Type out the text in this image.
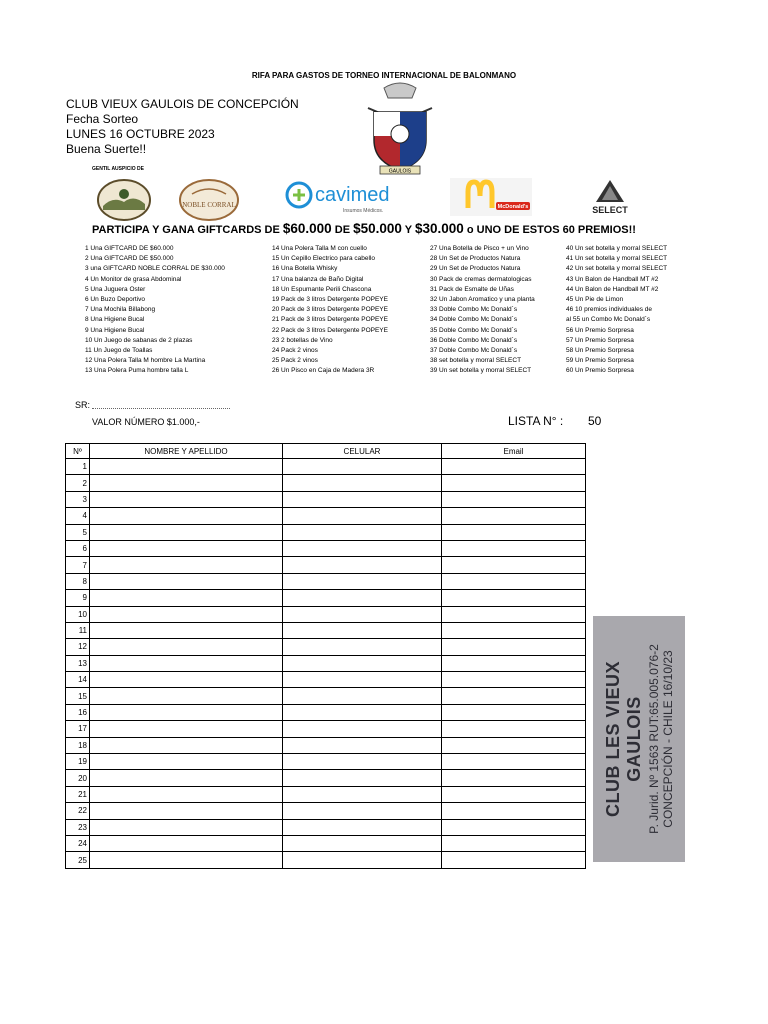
RIFA PARA GASTOS DE TORNEO INTERNACIONAL DE BALONMANO
CLUB VIEUX GAULOIS DE CONCEPCIÓN
Fecha Sorteo
LUNES 16 OCTUBRE 2023
Buena Suerte!!
GAULOIS
GENTIL AUSPICIO DE
NOBLE CORRAL	cavimed
Insumos Médicos.
McDonald's	SELECT
PARTICIPA Y GANA GIFTCARDS DE $60.000 DE $50.000 Y $30.000 o UNO DE ESTOS 60 PREMIOS!!
1 Una GIFTCARD DE $60.000
2 Una GIFTCARD DE $50.000
3 una GIFTCARD NOBLE CORRAL DE $30.000
4 Un Monitor de grasa Abdominal
5 Una Juguera Oster
6 Un Buzo Deportivo
7 Una Mochila Billabong
8 Una Higiene Bucal
9 Una Higiene Bucal
10 Un Juego de sabanas de 2 plazas
11 Un Juego de Toallas
12 Una Polera Talla M hombre La Martina
13 Una Polera Puma hombre talla L
14 Una Polera Talla M con cuello
15 Un Cepillo Electrico para cabello
16 Una Botella Whisky
17 Una balanza de Baño Digital
18 Un Espumante Perili Chascona
19 Pack de 3 litros Detergente POPEYE
20 Pack de 3 litros Detergente POPEYE
21 Pack de 3 litros Detergente POPEYE
22 Pack de 3 litros Detergente POPEYE
23 2 botellas de Vino
24 Pack 2 vinos
25 Pack 2 vinos
26 Un Pisco en Caja de Madera 3R
27 Una Botella de Pisco + un Vino
28 Un Set de Productos Natura
29 Un Set de Productos Natura
30 Pack de cremas dermatologicas
31 Pack de Esmalte de Uñas
32 Un Jabon Aromatico y una planta
33 Doble Combo Mc Donald´s
34 Doble Combo Mc Donald´s
35 Doble Combo Mc Donald´s
36 Doble Combo Mc Donald´s
37 Doble Combo Mc Donald´s
38 set botella y morral SELECT
39 Un set botella y morral SELECT
40 Un set botella y morral SELECT
41 Un set botella y morral SELECT
42 Un set botella y morral SELECT
43 Un Balon de Handball MT #2
44 Un Balon de Handball MT #2
45 Un Pie de Limon
46 10 premios individuales de
al 55 un Combo Mc Donald´s
56 Un Premio Sorpresa
57 Un Premio Sorpresa
58 Un Premio Sorpresa
59 Un Premio Sorpresa
60 Un Premio Sorpresa
SR:
VALOR NÚMERO $1.000,-	LISTA N° : 50
Nº	NOMBRE Y APELLIDO	CELULAR	Email
1			
2			
3			
4			
5			
6			
7			
8			
9			
10			
11			
12			
13			
14			
15			
16			
17			
18			
19			
20			
21			
22			
23			
24			
25			
CLUB LES VIEUX GAULOIS P. Jurid. Nº 1563 RUT:65.005.076-2 CONCEPCIÓN - CHILE 16/10/23
